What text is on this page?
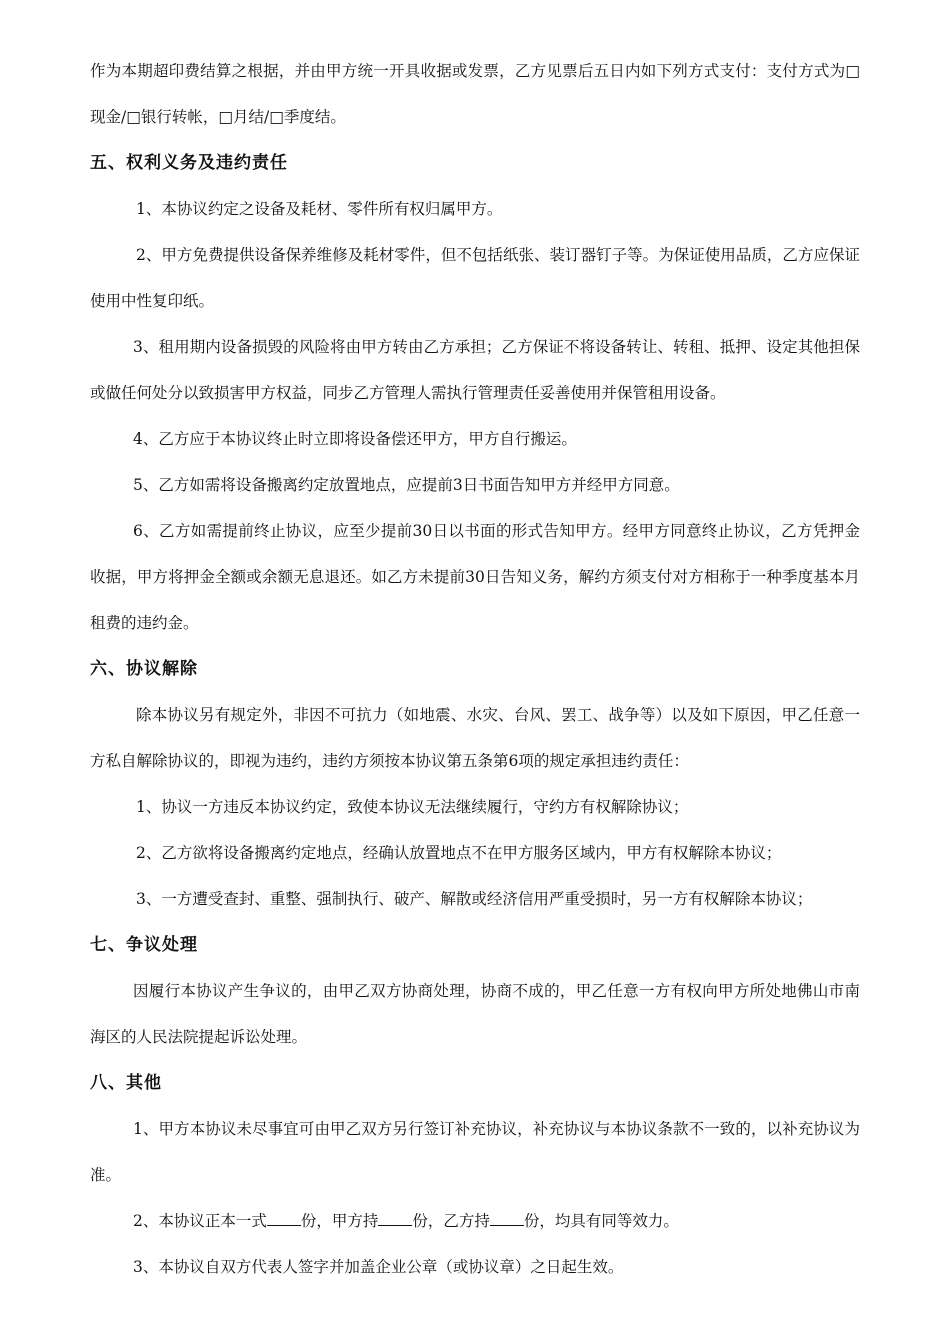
作为本期超印费结算之根据，并由甲方统一开具收据或发票，乙方见票后五日内如下列方式支付：支付方式为□现金/□银行转帐，□月结/□季度结。

五、权利义务及违约责任

1、本协议约定之设备及耗材、零件所有权归属甲方。

2、甲方免费提供设备保养维修及耗材零件，但不包括纸张、装订器钉子等。为保证使用品质，乙方应保证使用中性复印纸。

3、租用期内设备损毁的风险将由甲方转由乙方承担；乙方保证不将设备转让、转租、抵押、设定其他担保或做任何处分以致损害甲方权益，同步乙方管理人需执行管理责任妥善使用并保管租用设备。

4、乙方应于本协议终止时立即将设备偿还甲方，甲方自行搬运。

5、乙方如需将设备搬离约定放置地点，应提前3日书面告知甲方并经甲方同意。

6、乙方如需提前终止协议，应至少提前30日以书面的形式告知甲方。经甲方同意终止协议，乙方凭押金收据，甲方将押金全额或余额无息退还。如乙方未提前30日告知义务，解约方须支付对方相称于一种季度基本月租费的违约金。

六、协议解除

除本协议另有规定外，非因不可抗力（如地震、水灾、台风、罢工、战争等）以及如下原因，甲乙任意一方私自解除协议的，即视为违约，违约方须按本协议第五条第6项的规定承担违约责任：

1、协议一方违反本协议约定，致使本协议无法继续履行，守约方有权解除协议；

2、乙方欲将设备搬离约定地点，经确认放置地点不在甲方服务区域内，甲方有权解除本协议；

3、一方遭受查封、重整、强制执行、破产、解散或经济信用严重受损时，另一方有权解除本协议；

七、争议处理

因履行本协议产生争议的，由甲乙双方协商处理，协商不成的，甲乙任意一方有权向甲方所处地佛山市南海区的人民法院提起诉讼处理。

八、其他

1、甲方本协议未尽事宜可由甲乙双方另行签订补充协议，补充协议与本协议条款不一致的，以补充协议为准。

2、本协议正本一式 份，甲方持 份，乙方持 份，均具有同等效力。

3、本协议自双方代表人签字并加盖企业公章（或协议章）之日起生效。
